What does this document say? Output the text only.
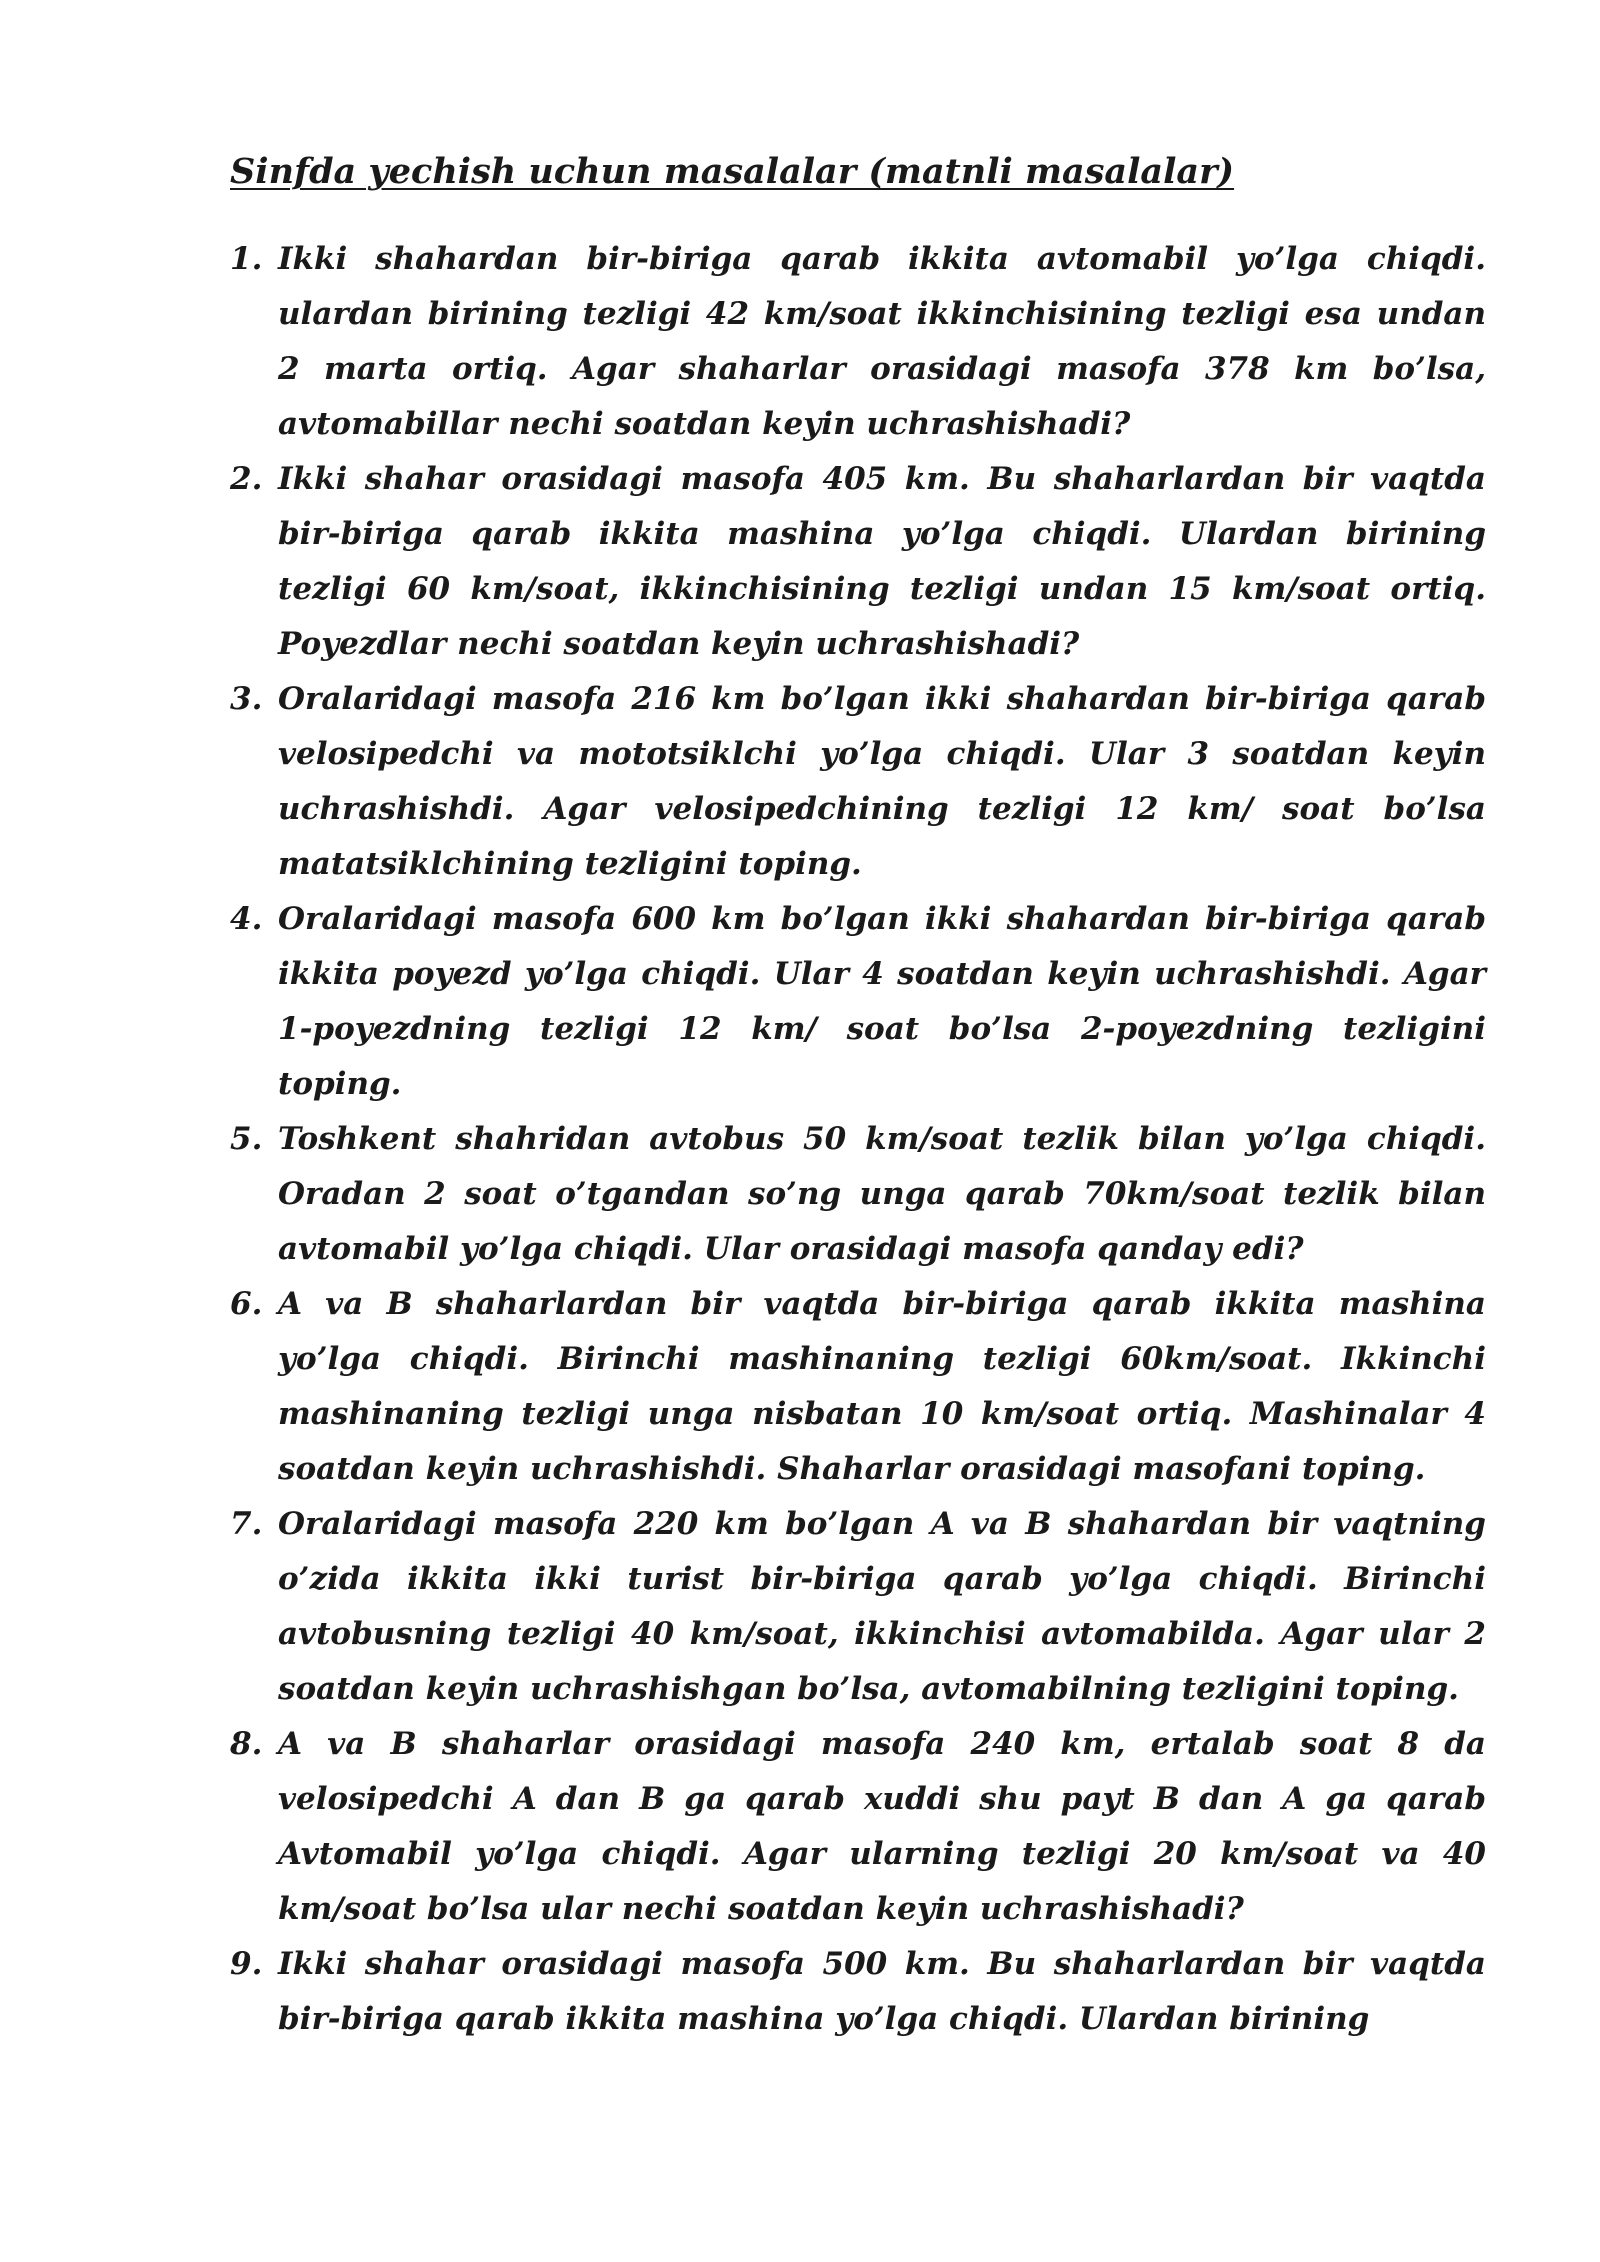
Sinfda yechish uchun masalalar (matnli masalalar)
1. Ikki shahardan bir-biriga qarab ikkita avtomabil yo’lga chiqdi. ulardan birining tezligi 42 km/soat ikkinchisining tezligi esa undan 2 marta ortiq. Agar shaharlar orasidagi masofa 378 km bo’lsa, avtomabillar nechi soatdan keyin uchrashishadi?
2. Ikki shahar orasidagi masofa 405 km. Bu shaharlardan bir vaqtda bir-biriga qarab ikkita mashina yo’lga chiqdi. Ulardan birining tezligi 60 km/soat, ikkinchisining tezligi undan 15 km/soat ortiq. Poyezdlar nechi soatdan keyin uchrashishadi?
3. Oralaridagi masofa 216 km bo’lgan ikki shahardan bir-biriga qarab velosipedchi va mototsiklchi yo’lga chiqdi. Ular 3 soatdan keyin uchrashishdi. Agar velosipedchining tezligi 12 km/ soat bo’lsa matatsiklchining tezligini toping.
4. Oralaridagi masofa 600 km bo’lgan ikki shahardan bir-biriga qarab ikkita poyezd yo’lga chiqdi. Ular 4 soatdan keyin uchrashishdi. Agar 1-poyezdning tezligi 12 km/ soat bo’lsa 2-poyezdning tezligini toping.
5. Toshkent shahridan avtobus 50 km/soat tezlik bilan yo’lga chiqdi. Oradan 2 soat o’tgandan so’ng unga qarab 70km/soat tezlik bilan avtomabil yo’lga chiqdi. Ular orasidagi masofa qanday edi?
6. A va B shaharlardan bir vaqtda bir-biriga qarab ikkita mashina yo’lga chiqdi. Birinchi mashinaning tezligi 60km/soat. Ikkinchi mashinaning tezligi unga nisbatan 10 km/soat ortiq. Mashinalar 4 soatdan keyin uchrashishdi. Shaharlar orasidagi masofani toping.
7. Oralaridagi masofa 220 km bo’lgan A va B shahardan bir vaqtning o’zida ikkita ikki turist bir-biriga qarab yo’lga chiqdi. Birinchi avtobusning tezligi 40 km/soat, ikkinchisi avtomabilda. Agar ular 2 soatdan keyin uchrashishgan bo’lsa, avtomabilning tezligini toping.
8. A va B shaharlar orasidagi masofa 240 km, ertalab soat 8 da velosipedchi A dan B ga qarab xuddi shu payt B dan A ga qarab Avtomabil yo’lga chiqdi. Agar ularning tezligi 20 km/soat va 40 km/soat bo’lsa ular nechi soatdan keyin uchrashishadi?
9. Ikki shahar orasidagi masofa 500 km. Bu shaharlardan bir vaqtda bir-biriga qarab ikkita mashina yo’lga chiqdi. Ulardan birining
